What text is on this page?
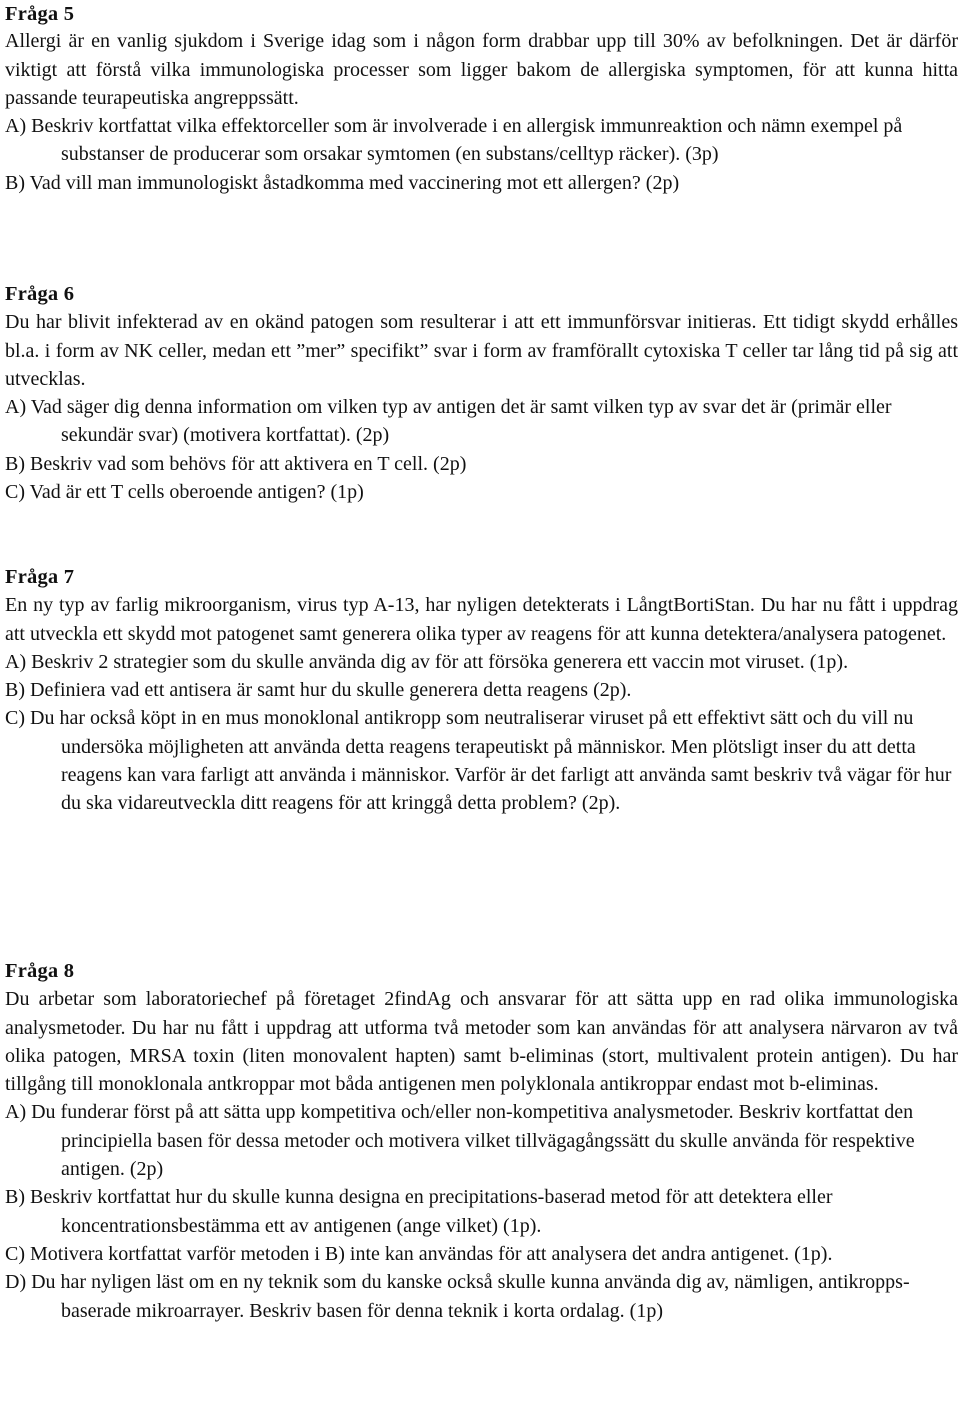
Fråga 5

Allergi är en vanlig sjukdom i Sverige idag som i någon form drabbar upp till 30% av befolkningen. Det är därför viktigt att förstå vilka immunologiska processer som ligger bakom de allergiska symptomen, för att kunna hitta passande teurapeutiska angreppssätt.

A) Beskriv kortfattat vilka effektorceller som är involverade i en allergisk immunreaktion och nämn exempel på substanser de producerar som orsakar symtomen (en substans/celltyp räcker). (3p)

B) Vad vill man immunologiskt åstadkomma med vaccinering mot ett allergen? (2p)

Fråga 6

Du har blivit infekterad av en okänd patogen som resulterar i att ett immunförsvar initieras. Ett tidigt skydd erhålles bl.a. i form av NK celler, medan ett ”mer” specifikt” svar i form av framförallt cytoxiska T celler tar lång tid på sig att utvecklas.

A) Vad säger dig denna information om vilken typ av antigen det är samt vilken typ av svar det är (primär eller sekundär svar) (motivera kortfattat). (2p)

B) Beskriv vad som behövs för att aktivera en T cell. (2p)

C) Vad är ett T cells oberoende antigen? (1p)

Fråga 7

En ny typ av farlig mikroorganism, virus typ A-13, har nyligen detekterats i LångtBortiStan. Du har nu fått i uppdrag att utveckla ett skydd mot patogenet samt generera olika typer av reagens för att kunna detektera/analysera patogenet.

A) Beskriv 2 strategier som du skulle använda dig av för att försöka generera ett vaccin mot viruset. (1p).

B) Definiera vad ett antisera är samt hur du skulle generera detta reagens (2p).

C) Du har också köpt in en mus monoklonal antikropp som neutraliserar viruset på ett effektivt sätt och du vill nu undersöka möjligheten att använda detta reagens terapeutiskt på människor. Men plötsligt inser du att detta reagens kan vara farligt att använda i människor. Varför är det farligt att använda samt beskriv två vägar för hur du ska vidareutveckla ditt reagens för att kringgå detta problem? (2p).

Fråga 8

Du arbetar som laboratoriechef på företaget 2findAg och ansvarar för att sätta upp en rad olika immunologiska analysmetoder. Du har nu fått i uppdrag att utforma två metoder som kan användas för att analysera närvaron av två olika patogen, MRSA toxin (liten monovalent hapten) samt b-eliminas (stort, multivalent protein antigen). Du har tillgång till monoklonala antkroppar mot båda antigenen men polyklonala antikroppar endast mot b-eliminas.

A) Du funderar först på att sätta upp kompetitiva och/eller non-kompetitiva analysmetoder. Beskriv kortfattat den principiella basen för dessa metoder och motivera vilket tillvägagångssätt du skulle använda för respektive antigen. (2p)

B) Beskriv kortfattat hur du skulle kunna designa en precipitations-baserad metod för att detektera eller koncentrationsbestämma ett av antigenen (ange vilket) (1p).

C) Motivera kortfattat varför metoden i B) inte kan användas för att analysera det andra antigenet. (1p).

D) Du har nyligen läst om en ny teknik som du kanske också skulle kunna använda dig av, nämligen, antikropps-baserade mikroarrayer. Beskriv basen för denna teknik i korta ordalag. (1p)
